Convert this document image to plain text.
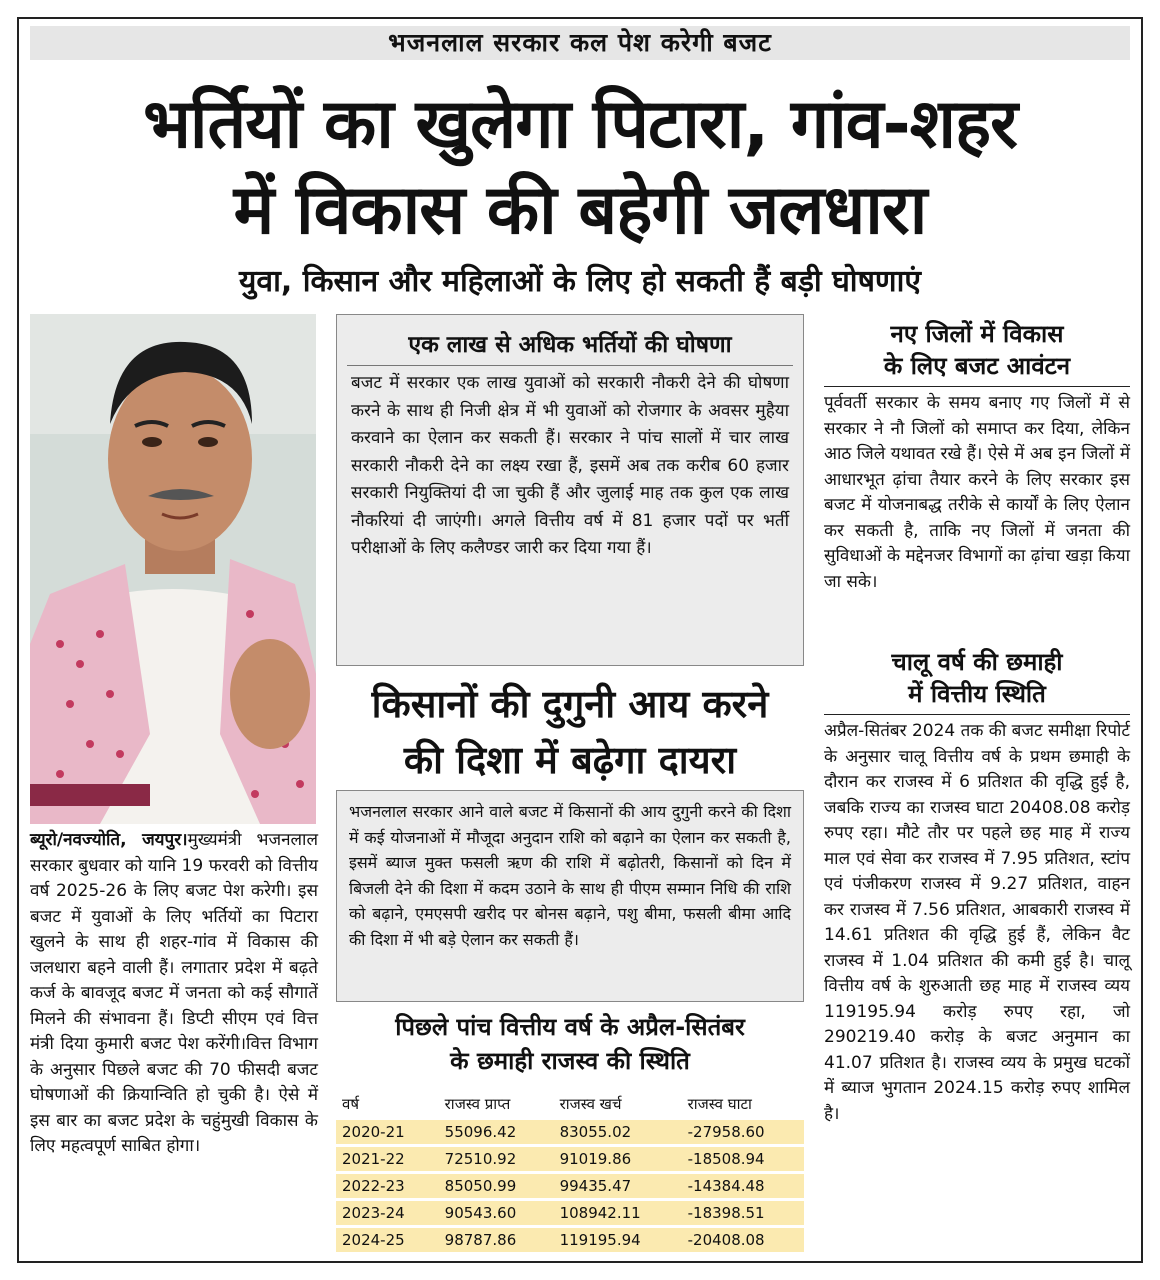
भजनलाल सरकार कल पेश करेगी बजट
भर्तियों का खुलेगा पिटारा, गांव-शहर
में विकास की बहेगी जलधारा
युवा, किसान और महिलाओं के लिए हो सकती हैं बड़ी घोषणाएं
ब्यूरो/नवज्योति, जयपुर।मुख्यमंत्री भजनलाल सरकार बुधवार को यानि 19 फरवरी को वित्तीय वर्ष 2025-26 के लिए बजट पेश करेगी। इस बजट में युवाओं के लिए भर्तियों का पिटारा खुलने के साथ ही शहर-गांव में विकास की जलधारा बहने वाली हैं। लगातार प्रदेश में बढ़ते कर्ज के बावजूद बजट में जनता को कई सौगातें मिलने की संभावना हैं। डिप्टी सीएम एवं वित्त मंत्री दिया कुमारी बजट पेश करेंगी।वित्त विभाग के अनुसार पिछले बजट की 70 फीसदी बजट घोषणाओं की क्रियान्विति हो चुकी है। ऐसे में इस बार का बजट प्रदेश के चहुंमुखी विकास के लिए महत्वपूर्ण साबित होगा।
एक लाख से अधिक भर्तियों की घोषणा
बजट में सरकार एक लाख युवाओं को सरकारी नौकरी देने की घोषणा करने के साथ ही निजी क्षेत्र में भी युवाओं को रोजगार के अवसर मुहैया करवाने का ऐलान कर सकती हैं। सरकार ने पांच सालों में चार लाख सरकारी नौकरी देने का लक्ष्य रखा हैं, इसमें अब तक करीब 60 हजार सरकारी नियुक्तियां दी जा चुकी हैं और जुलाई माह तक कुल एक लाख नौकरियां दी जाएंगी। अगले वित्तीय वर्ष में 81 हजार पदों पर भर्ती परीक्षाओं के लिए कलैण्डर जारी कर दिया गया हैं।
किसानों की दुगुनी आय करने
की दिशा में बढ़ेगा दायरा
भजनलाल सरकार आने वाले बजट में किसानों की आय दुगुनी करने की दिशा में कई योजनाओं में मौजूदा अनुदान राशि को बढ़ाने का ऐलान कर सकती है, इसमें ब्याज मुक्त फसली ऋण की राशि में बढ़ोतरी, किसानों को दिन में बिजली देने की दिशा में कदम उठाने के साथ ही पीएम सम्मान निधि की राशि को बढ़ाने, एमएसपी खरीद पर बोनस बढ़ाने, पशु बीमा, फसली बीमा आदि की दिशा में भी बड़े ऐलान कर सकती हैं।
पिछले पांच वित्तीय वर्ष के अप्रैल-सितंबर
के छमाही राजस्व की स्थिति
वर्ष	राजस्व प्राप्त	राजस्व खर्च	राजस्व घाटा
2020-21	55096.42	83055.02	-27958.60
2021-22	72510.92	91019.86	-18508.94
2022-23	85050.99	99435.47	-14384.48
2023-24	90543.60	108942.11	-18398.51
2024-25	98787.86	119195.94	-20408.08
नए जिलों में विकास
के लिए बजट आवंटन
पूर्ववर्ती सरकार के समय बनाए गए जिलों में से सरकार ने नौ जिलों को समाप्त कर दिया, लेकिन आठ जिले यथावत रखे हैं। ऐसे में अब इन जिलों में आधारभूत ढ़ांचा तैयार करने के लिए सरकार इस बजट में योजनाबद्ध तरीके से कार्यों के लिए ऐलान कर सकती है, ताकि नए जिलों में जनता की सुविधाओं के मद्देनजर विभागों का ढ़ांचा खड़ा किया जा सके।
चालू वर्ष की छमाही
में वित्तीय स्थिति
अप्रैल-सितंबर 2024 तक की बजट समीक्षा रिपोर्ट के अनुसार चालू वित्तीय वर्ष के प्रथम छमाही के दौरान कर राजस्व में 6 प्रतिशत की वृद्धि हुई है, जबकि राज्य का राजस्व घाटा 20408.08 करोड़ रुपए रहा। मौटे तौर पर पहले छह माह में राज्य माल एवं सेवा कर राजस्व में 7.95 प्रतिशत, स्टांप एवं पंजीकरण राजस्व में 9.27 प्रतिशत, वाहन कर राजस्व में 7.56 प्रतिशत, आबकारी राजस्व में 14.61 प्रतिशत की वृद्धि हुई हैं, लेकिन वैट राजस्व में 1.04 प्रतिशत की कमी हुई है। चालू वित्तीय वर्ष के शुरुआती छह माह में राजस्व व्यय 119195.94 करोड़ रुपए रहा, जो 290219.40 करोड़ के बजट अनुमान का 41.07 प्रतिशत है। राजस्व व्यय के प्रमुख घटकों में ब्याज भुगतान 2024.15 करोड़ रुपए शामिल है।
